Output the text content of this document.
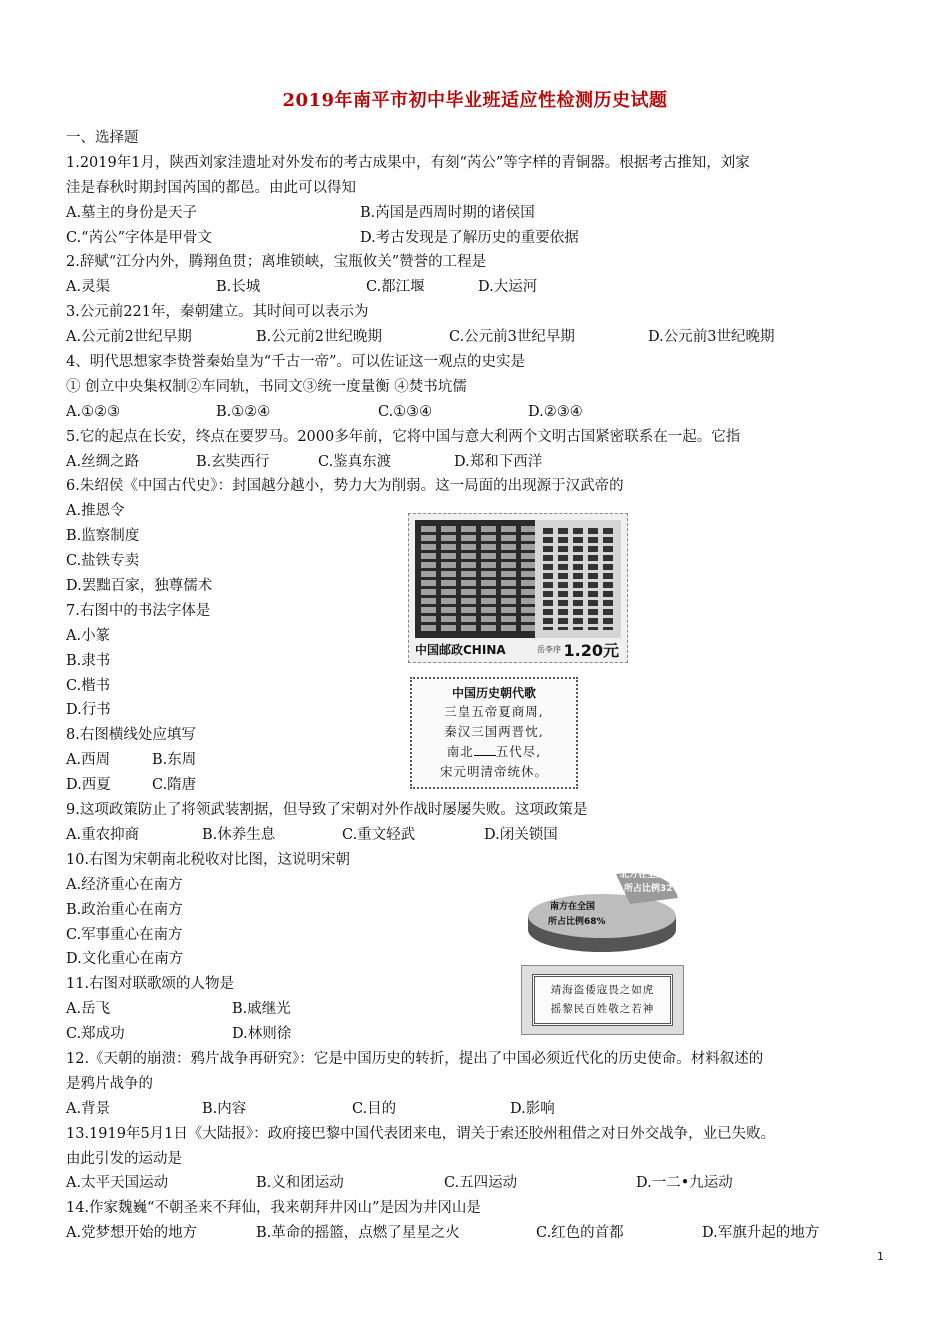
2019年南平市初中毕业班适应性检测历史试题
一、选择题
1.2019年1月，陕西刘家洼遗址对外发布的考古成果中，有刻“芮公”等字样的青铜器。根据考古推知，刘家
洼是春秋时期封国芮国的都邑。由此可以得知
A.墓主的身份是天子	B.芮国是西周时期的诸侯国
C.“芮公”字体是甲骨文	D.考古发现是了解历史的重要依据
2.辞赋“江分内外，腾翔鱼贯；离堆锁峡，宝瓶攸关”赞誉的工程是
A.灵渠	B.长城	C.都江堰	D.大运河
3.公元前221年，秦朝建立。其时间可以表示为
A.公元前2世纪早期	B.公元前2世纪晚期	C.公元前3世纪早期	D.公元前3世纪晚期
4、明代思想家李贽誉秦始皇为“千古一帝”。可以佐证这一观点的史实是
① 创立中央集权制②车同轨，书同文③统一度量衡 ④焚书坑儒
A.①②③	B.①②④	C.①③④	D.②③④
5.它的起点在长安，终点在要罗马。2000多年前，它将中国与意大利两个文明古国紧密联系在一起。它指
A.丝绸之路	B.玄奘西行	C.鉴真东渡	D.郑和下西洋
6.朱绍侯《中国古代史》：封国越分越小，势力大为削弱。这一局面的出现源于汉武帝的
A.推恩令
B.监察制度
C.盐铁专卖
D.罢黜百家，独尊儒术
7.右图中的书法字体是
A.小篆
B.隶书
C.楷书
D.行书
8.右图横线处应填写
A.西周	B.东周
D.西夏	C.隋唐
9.这项政策防止了将领武装割据，但导致了宋朝对外作战时屡屡失败。这项政策是
A.重农抑商	B.休养生息	C.重文轻武	D.闭关锁国
10.右图为宋朝南北税收对比图，这说明宋朝
A.经济重心在南方
B.政治重心在南方
C.军事重心在南方
D.文化重心在南方
11.右图对联歌颂的人物是
A.岳飞	B.戚继光
C.郑成功	D.林则徐
12.《天朝的崩溃：鸦片战争再研究》：它是中国历史的转折，提出了中国必须近代化的历史使命。材料叙述的
是鸦片战争的
A.背景	B.内容	C.目的	D.影响
13.1919年5月1日《大陆报》：政府接巴黎中国代表团来电，谓关于索还胶州租借之对日外交战争，业已失败。
由此引发的运动是
A.太平天国运动	B.义和团运动	C.五四运动	D.一二•九运动
14.作家魏巍“不朝圣来不拜仙，我来朝拜井冈山”是因为井冈山是
A.党梦想开始的地方	B.革命的摇篮，点燃了星星之火	C.红色的首都	D.军旗升起的地方
中国邮政CHINA	岳李序 1.20元
中国历史朝代歌
三皇五帝夏商周,
秦汉三国两晋忱,
南北 五代尽,
宋元明清帝统休。
北方在全国
所占比例32%
南方在全国
所占比例68%
靖海盗倭寇畏之如虎
摇黎民百姓敬之若神
1
